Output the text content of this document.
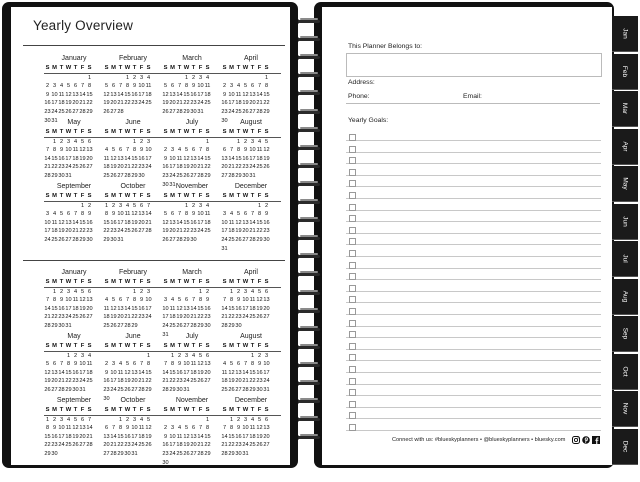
Yearly Overview
January
S M T W T F S
1
2 3 4 5 6 7 8
9 10 11 12 13 14 15
16 17 18 19 20 21 22
23 24 25 26 27 28 29
30 31
February
S M T W T F S
1 2 3 4
5 6 7 8 9 10 11
12 13 14 15 16 17 18
19 20 21 22 23 24 25
26 27 28
March
S M T W T F S
1 2 3 4
5 6 7 8 9 10 11
12 13 14 15 16 17 18
19 20 21 22 23 24 25
26 27 28 29 30 31
April
S M T W T F S
1
2 3 4 5 6 7 8
9 10 11 12 13 14 15
16 17 18 19 20 21 22
23 24 25 26 27 28 29
30
May
S M T W T F S
1 2 3 4 5 6
7 8 9 10 11 12 13
14 15 16 17 18 19 20
21 22 23 24 25 26 27
28 29 30 31
June
S M T W T F S
1 2 3
4 5 6 7 8 9 10
11 12 13 14 15 16 17
18 19 20 21 22 23 24
25 26 27 28 29 30
July
S M T W T F S
1
2 3 4 5 6 7 8
9 10 11 12 13 14 15
16 17 18 19 20 21 22
23 24 25 26 27 28 29
30 31
August
S M T W T F S
1 2 3 4 5
6 7 8 9 10 11 12
13 14 15 16 17 18 19
20 21 22 23 24 25 26
27 28 29 30 31
September
S M T W T F S
1 2
3 4 5 6 7 8 9
10 11 12 13 14 15 16
17 18 19 20 21 22 23
24 25 26 27 28 29 30
October
S M T W T F S
1 2 3 4 5 6 7
8 9 10 11 12 13 14
15 16 17 18 19 20 21
22 23 24 25 26 27 28
29 30 31
November
S M T W T F S
1 2 3 4
5 6 7 8 9 10 11
12 13 14 15 16 17 18
19 20 21 22 23 24 25
26 27 28 29 30
December
S M T W T F S
1 2
3 4 5 6 7 8 9
10 11 12 13 14 15 16
17 18 19 20 21 22 23
24 25 26 27 28 29 30
31
January
S M T W T F S
1 2 3 4 5 6
7 8 9 10 11 12 13
14 15 16 17 18 19 20
21 22 23 24 25 26 27
28 29 30 31
February
S M T W T F S
1 2 3
4 5 6 7 8 9 10
11 12 13 14 15 16 17
18 19 20 21 22 23 24
25 26 27 28 29
March
S M T W T F S
1 2
3 4 5 6 7 8 9
10 11 12 13 14 15 16
17 18 19 20 21 22 23
24 25 26 27 28 29 30
31
April
S M T W T F S
1 2 3 4 5 6
7 8 9 10 11 12 13
14 15 16 17 18 19 20
21 22 23 24 25 26 27
28 29 30
May
S M T W T F S
1 2 3 4
5 6 7 8 9 10 11
12 13 14 15 16 17 18
19 20 21 22 23 24 25
26 27 28 29 30 31
June
S M T W T F S
1
2 3 4 5 6 7 8
9 10 11 12 13 14 15
16 17 18 19 20 21 22
23 24 25 26 27 28 29
30
July
S M T W T F S
1 2 3 4 5 6
7 8 9 10 11 12 13
14 15 16 17 18 19 20
21 22 23 24 25 26 27
28 29 30 31
August
S M T W T F S
1 2 3
4 5 6 7 8 9 10
11 12 13 14 15 16 17
18 19 20 21 22 23 24
25 26 27 28 29 30 31
September
S M T W T F S
1 2 3 4 5 6 7
8 9 10 11 12 13 14
15 16 17 18 19 20 21
22 23 24 25 26 27 28
29 30
October
S M T W T F S
1 2 3 4 5
6 7 8 9 10 11 12
13 14 15 16 17 18 19
20 21 22 23 24 25 26
27 28 29 30 31
November
S M T W T F S
1
2 3 4 5 6 7 8
9 10 11 12 13 14 15
16 17 18 19 20 21 22
23 24 25 26 27 28 29
30
December
S M T W T F S
1 2 3 4 5 6
7 8 9 10 11 12 13
14 15 16 17 18 19 20
21 22 23 24 25 26 27
28 29 30 31
This Planner Belongs to:
Address:
Phone:	Email:
Yearly Goals:
Connect with us: #blueskyplanners • @blueskyplanners • bluesky.com
Jan
Feb
Mar
Apr
May
Jun
Jul
Aug
Sep
Oct
Nov
Dec
